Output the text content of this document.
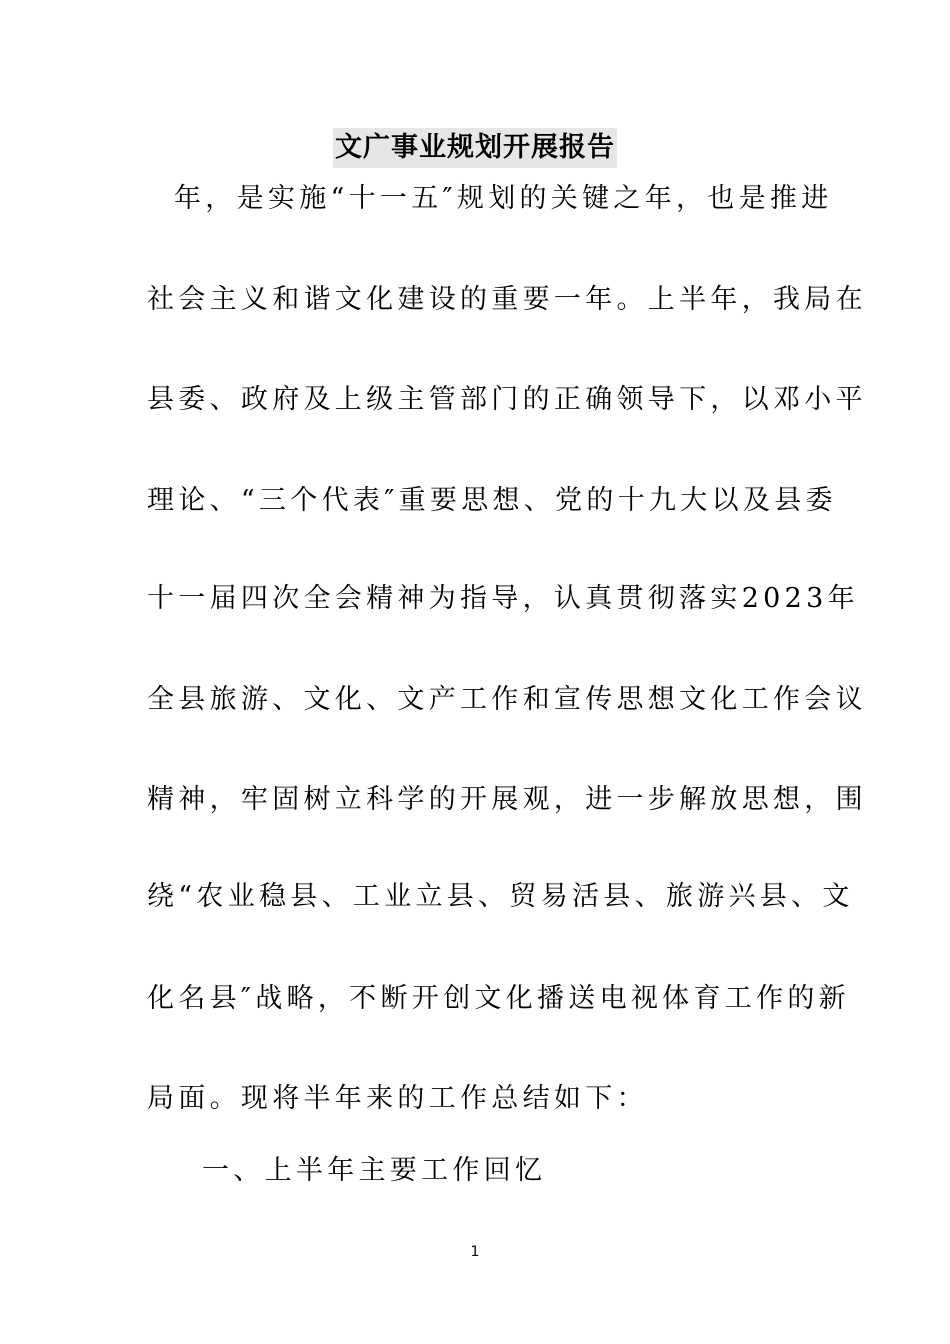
文广事业规划开展报告
年，是实施“十一五″规划的关键之年，也是推进
社会主义和谐文化建设的重要一年。上半年，我局在
县委、政府及上级主管部门的正确领导下，以邓小平
理论、“三个代表″重要思想、党的十九大以及县委
十一届四次全会精神为指导，认真贯彻落实2023年
全县旅游、文化、文产工作和宣传思想文化工作会议
精神，牢固树立科学的开展观，进一步解放思想，围
绕“农业稳县、工业立县、贸易活县、旅游兴县、文
化名县″战略，不断开创文化播送电视体育工作的新
局面。现将半年来的工作总结如下：
一、上半年主要工作回忆
1
